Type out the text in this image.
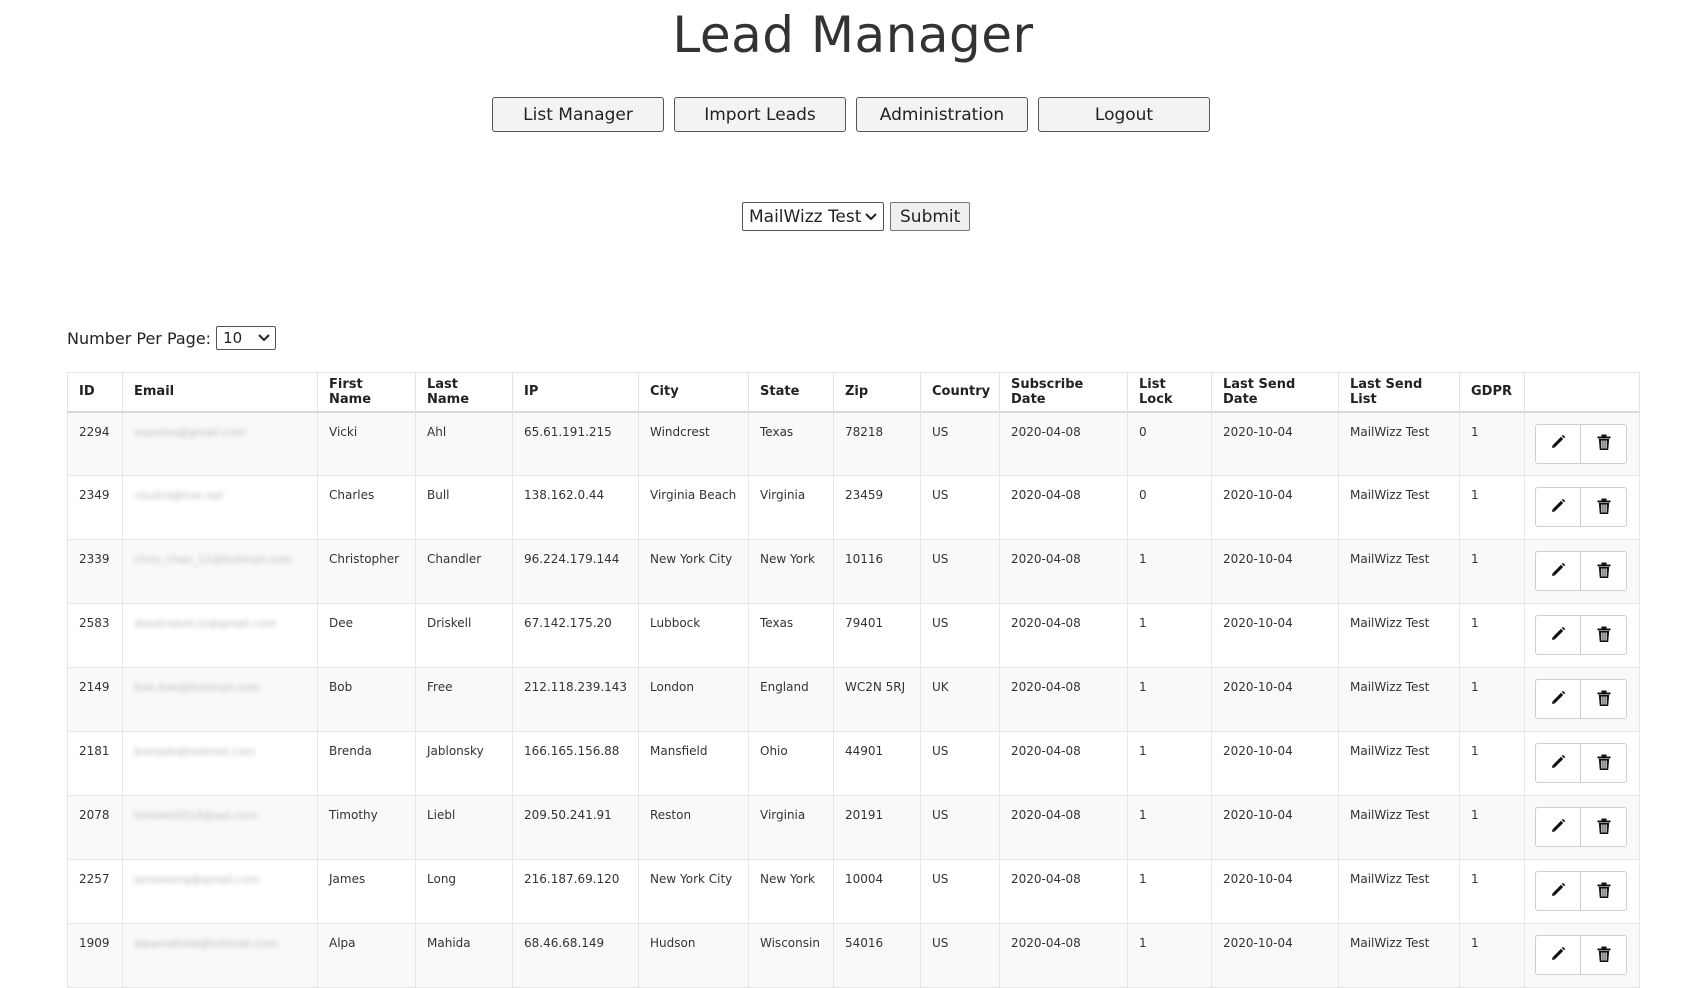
Lead Manager
List Manager	Import Leads	Administration	Logout
MailWizz Test	Submit
Number Per Page: 10
ID	Email	First Name	Last Name	IP	City	State	Zip	Country	Subscribe Date	List Lock	Last Send Date	Last Send List	GDPR	
2294	vsaxton@gmail.com	Vicki	Ahl	65.61.191.215	Windcrest	Texas	78218	US	2020-04-08	0	2020-10-04	MailWizz Test	1	

2349	cbullrd@live.net	Charles	Bull	138.162.0.44	Virginia Beach	Virginia	23459	US	2020-04-08	0	2020-10-04	MailWizz Test	1	

2339	chris_chan_11@hotmail.com	Christopher	Chandler	96.224.179.144	New York City	New York	10116	US	2020-04-08	1	2020-10-04	MailWizz Test	1	

2583	deedriskell.tx@gmail.com	Dee	Driskell	67.142.175.20	Lubbock	Texas	79401	US	2020-04-08	1	2020-10-04	MailWizz Test	1	

2149	bob.free@hotmail.com	Bob	Free	212.118.239.143	London	England	WC2N 5RJ	UK	2020-04-08	1	2020-10-04	MailWizz Test	1	

2181	brenjab@hotmail.com	Brenda	Jablonsky	166.165.156.88	Mansfield	Ohio	44901	US	2020-04-08	1	2020-10-04	MailWizz Test	1	

2078	timliebl2019@aol.com	Timothy	Liebl	209.50.241.91	Reston	Virginia	20191	US	2020-04-08	1	2020-10-04	MailWizz Test	1	

2257	jameslong@gmail.com	James	Long	216.187.69.120	New York City	New York	10004	US	2020-04-08	1	2020-10-04	MailWizz Test	1	

1909	alpamahida@hotmail.com	Alpa	Mahida	68.46.68.149	Hudson	Wisconsin	54016	US	2020-04-08	1	2020-10-04	MailWizz Test	1	
